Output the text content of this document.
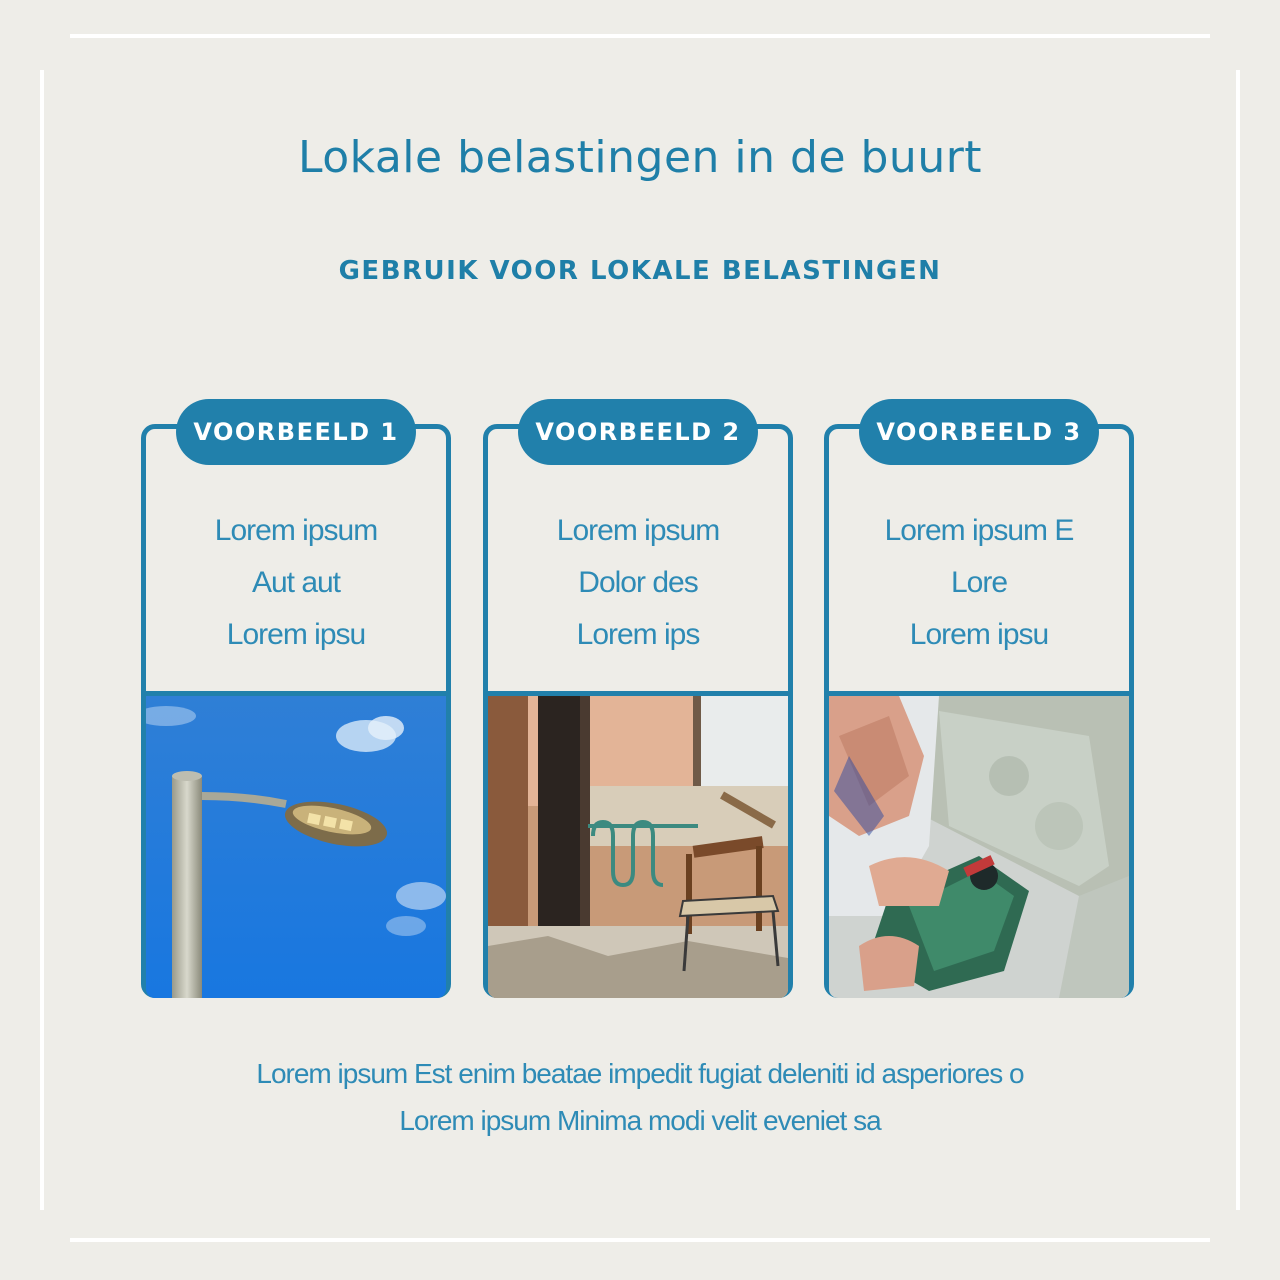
Lokale belastingen in de buurt
GEBRUIK VOOR LOKALE BELASTINGEN
VOORBEELD 1
Lorem ipsum
Aut aut
Lorem ipsu
VOORBEELD 2
Lorem ipsum
Dolor des
Lorem ips
VOORBEELD 3
Lorem ipsum E
Lore
Lorem ipsu
Lorem ipsum Est enim beatae impedit fugiat deleniti id asperiores o
Lorem ipsum Minima modi velit eveniet sa
